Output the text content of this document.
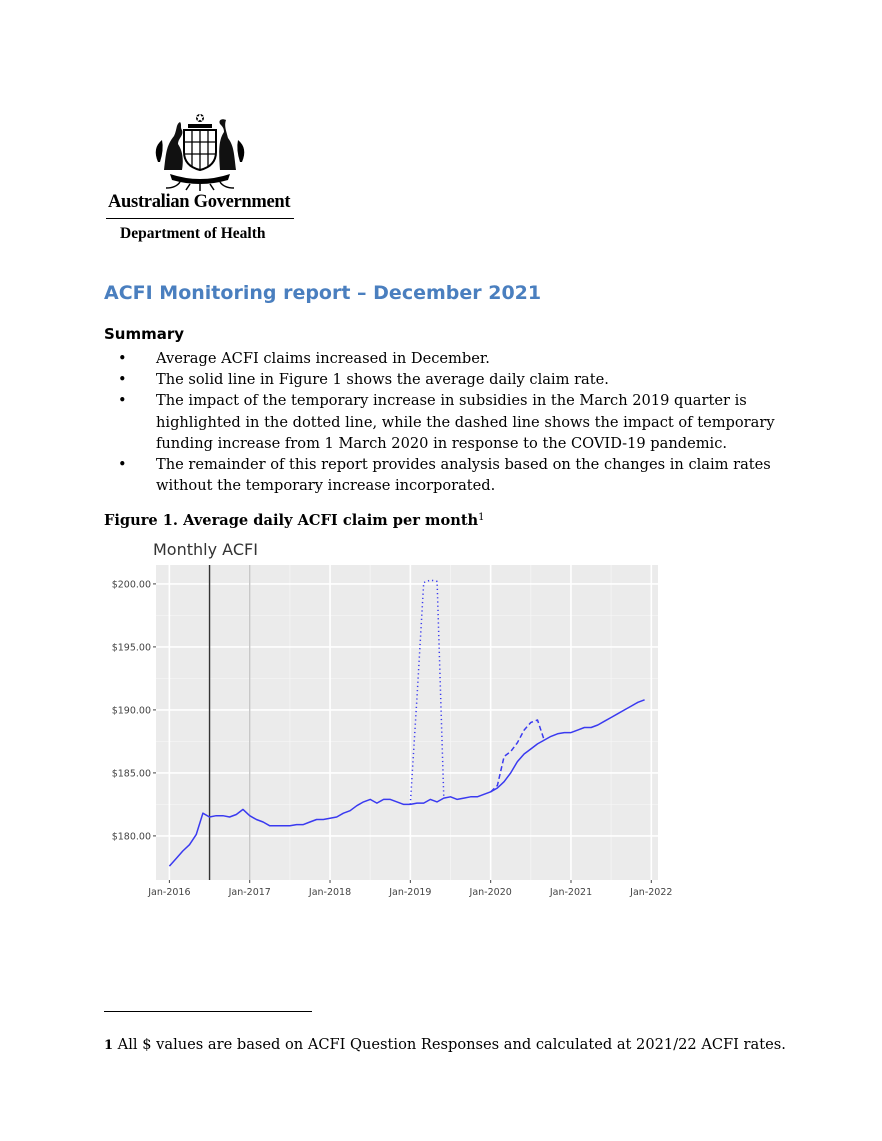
Australian Government
Department of Health
ACFI Monitoring report – December 2021
Summary
• Average ACFI claims increased in December.
• The solid line in Figure 1 shows the average daily claim rate.
• The impact of the temporary increase in subsidies in the March 2019 quarter is highlighted in the dotted line, while the dashed line shows the impact of temporary funding increase from 1 March 2020 in response to the COVID-19 pandemic.
• The remainder of this report provides analysis based on the changes in claim rates without the temporary increase incorporated.

Figure 1. Average daily ACFI claim per month$^1$

Monthly ACFI
$180.00
$185.00
$190.00
$195.00
$200.00
Jan-2016	Jan-2017	Jan-2018	Jan-2019	Jan-2020	Jan-2021	Jan-2022

1 All $ values are based on ACFI Question Responses and calculated at 2021/22 ACFI rates.
